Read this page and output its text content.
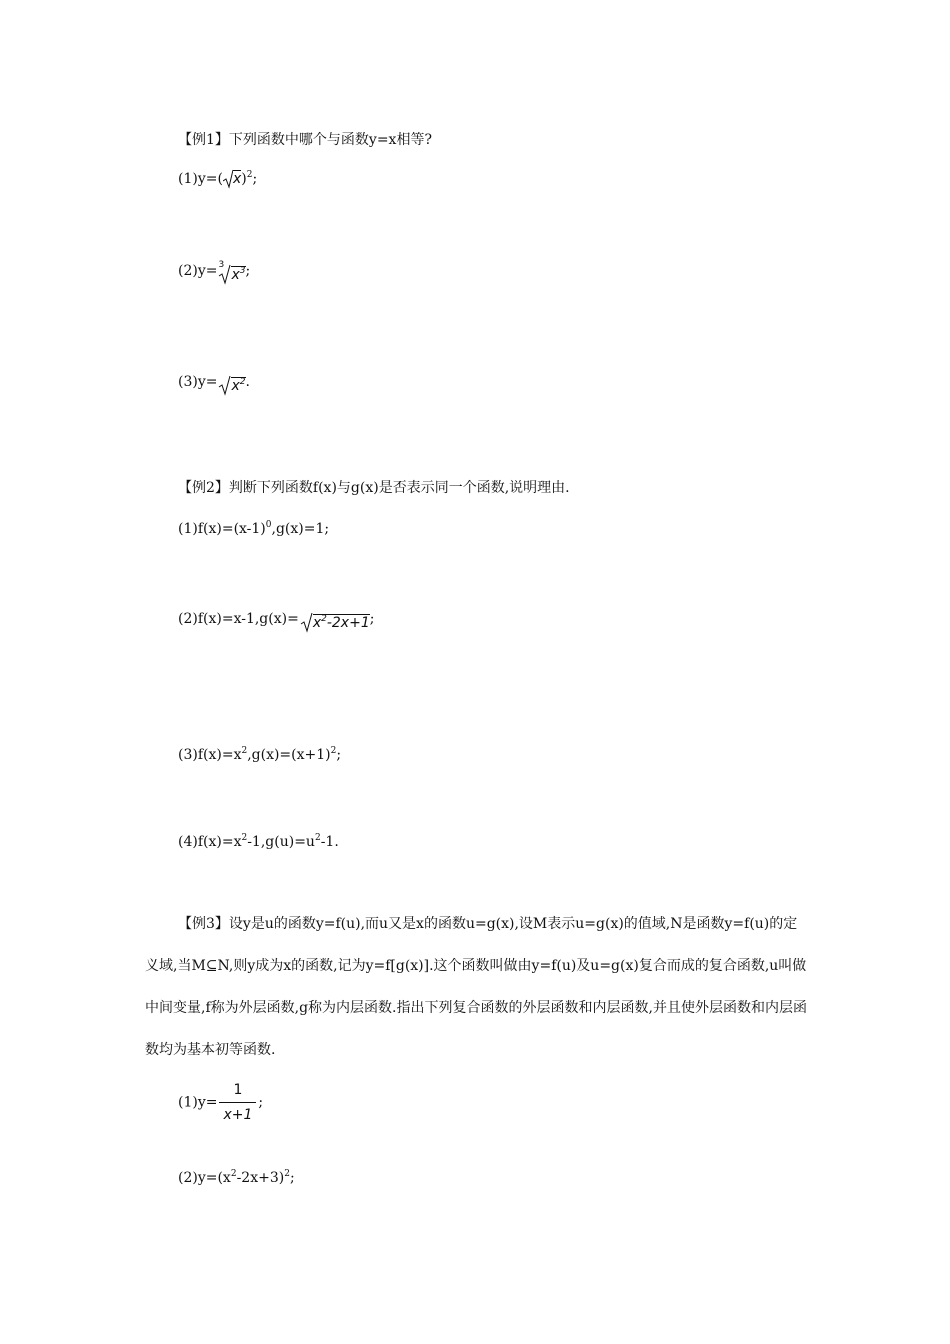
【例1】下列函数中哪个与函数y=x相等?
(1)y=( x)$^2$;
(2)y= 3
$x^3$;
$(3)y= x^2$.
【例2】判断下列函数f(x)与g(x)是否表示同一个函数,说明理由.
$(1)f(x)=(x-1)^0,g(x)=1$;
$(2)f(x)=x-1,g(x)= x^2-2x+1$;
$(3)f(x)=x^2,g(x)=(x+1)^2$;
$(4)f(x)=x^2-1,g(u)=u^2-1$.
【例3】设y是u的函数y=f(u),而u又是x的函数u=g(x),设M表示u=g(x)的值域,N是函数y=f(u)的定义域,当M⊆N,则y成为x的函数,记为y=f[g(x)].这个函数叫做由y=f(u)及u=g(x)复合而成的复合函数,u叫做中间变量,f称为外层函数,g称为内层函数.指出下列复合函数的外层函数和内层函数,并且使外层函数和内层函数均为基本初等函数.
$(1)y= \frac{1}{x+1}$ ;
$(2)y=(x^2-2x+3)^2$;
